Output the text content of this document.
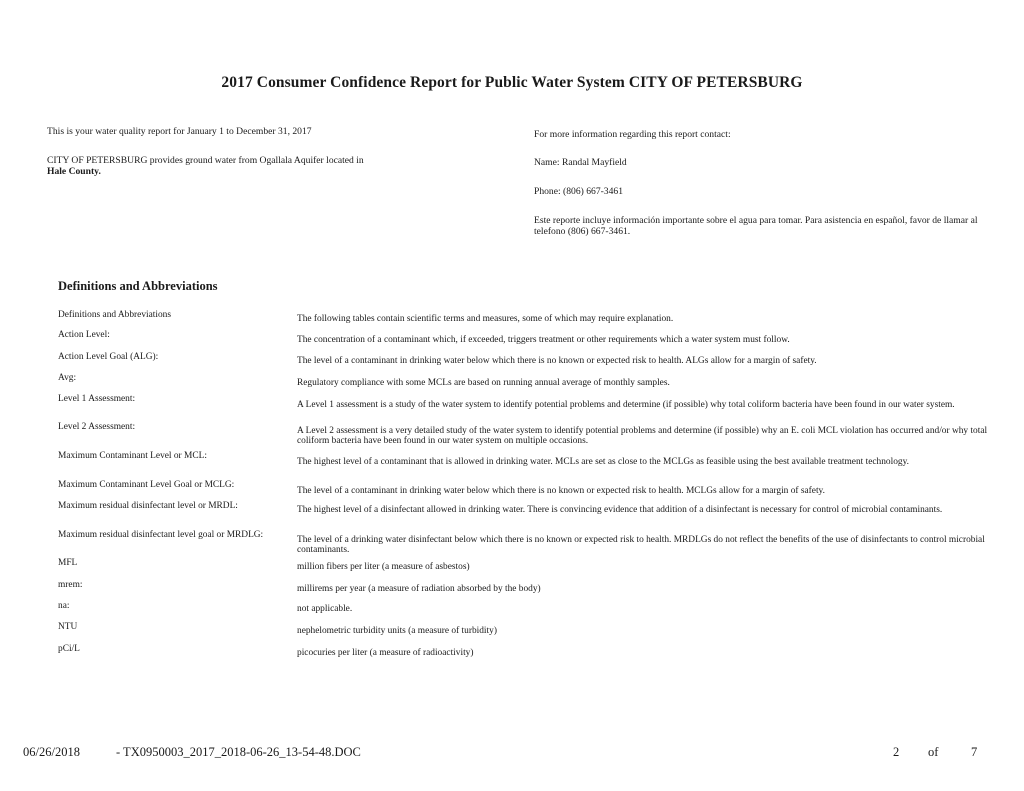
2017 Consumer Confidence Report for Public Water System CITY OF PETERSBURG
This is your water quality report for January 1 to December 31, 2017
CITY OF PETERSBURG provides ground water from Ogallala Aquifer located in
Hale County.
For more information regarding this report contact:
Name: Randal Mayfield
Phone: (806) 667-3461
Este reporte incluye información importante sobre el agua para tomar. Para asistencia en español, favor de llamar al telefono (806) 667-3461.
Definitions and Abbreviations
Definitions and Abbreviations	The following tables contain scientific terms and measures, some of which may require explanation.
Action Level:	The concentration of a contaminant which, if exceeded, triggers treatment or other requirements which a water system must follow.
Action Level Goal (ALG):	The level of a contaminant in drinking water below which there is no known or expected risk to health. ALGs allow for a margin of safety.
Avg:	Regulatory compliance with some MCLs are based on running annual average of monthly samples.
Level 1 Assessment:
A Level 1 assessment is a study of the water system to identify potential problems and determine (if possible) why total coliform bacteria have been found in our water system.
Level 2 Assessment:	A Level 2 assessment is a very detailed study of the water system to identify potential problems and determine (if possible) why an E. coli MCL violation has occurred and/or why total coliform bacteria have been found in our water system on multiple occasions.
Maximum Contaminant Level or MCL:
The highest level of a contaminant that is allowed in drinking water. MCLs are set as close to the MCLGs as feasible using the best available treatment technology.
Maximum Contaminant Level Goal or MCLG:
The level of a contaminant in drinking water below which there is no known or expected risk to health. MCLGs allow for a margin of safety.
Maximum residual disinfectant level or MRDL:	The highest level of a disinfectant allowed in drinking water. There is convincing evidence that addition of a disinfectant is necessary for control of microbial contaminants.
Maximum residual disinfectant level goal or MRDLG:	The level of a drinking water disinfectant below which there is no known or expected risk to health. MRDLGs do not reflect the benefits of the use of disinfectants to control microbial contaminants.
MFL	million fibers per liter (a measure of asbestos)
mrem:	millirems per year (a measure of radiation absorbed by the body)
na:	not applicable.
NTU	nephelometric turbidity units (a measure of turbidity)
pCi/L	picocuries per liter (a measure of radioactivity)
06/26/2018	- TX0950003_2017_2018-06-26_13-54-48.DOC	2 of	7
